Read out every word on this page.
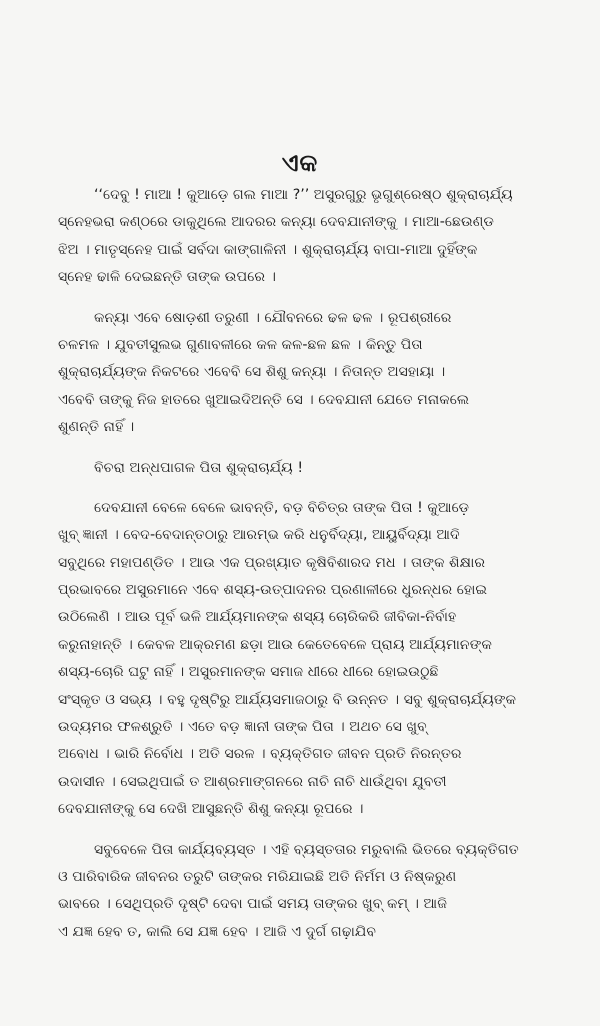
ଏକ
‘‘ଦେବୁ ! ମାଆ ! କୁଆଡ଼େ ଗଲ ମାଆ ?’’ ଅସୁରଗୁରୁ ଭୃଗୁଶ୍ରେଷ୍ଠ ଶୁକ୍ରାଚାର୍ଯ୍ୟ
ସ୍ନେହଭରା କଣ୍ଠରେ ଡାକୁଥିଲେ ଆଦରର କନ୍ୟା ଦେବଯାନୀଙ୍କୁ । ମାଆ-ଛେଉଣ୍ଡ
ଝିଅ । ମାତୃସ୍ନେହ ପାଇଁ ସର୍ବଦା କାଙ୍ଗାଳିନୀ । ଶୁକ୍ରାଚାର୍ଯ୍ୟ ବାପା-ମାଆ ଦୁହିଁଙ୍କ
ସ୍ନେହ ଢାଳି ଦେଇଛନ୍ତି ତାଙ୍କ ଉପରେ ।
କନ୍ୟା ଏବେ ଷୋଡ଼ଶୀ ତରୁଣୀ । ଯୌବନରେ ଢଳ ଢଳ । ରୂପଶ୍ରୀରେ
ଚଳମଳ । ଯୁବତୀସୁଲଭ ଗୁଣାବଳୀରେ କଳ କଳ-ଛଳ ଛଳ । କିନ୍ତୁ ପିତା
ଶୁକ୍ରାଚାର୍ଯ୍ୟଙ୍କ ନିକଟରେ ଏବେବି ସେ ଶିଶୁ କନ୍ୟା । ନିତାନ୍ତ ଅସହାୟା ।
ଏବେବି ତାଙ୍କୁ ନିଜ ହାତରେ ଖୁଆଇଦିଅନ୍ତି ସେ । ଦେବଯାନୀ ଯେତେ ମନାକଲେ
ଶୁଣନ୍ତି ନାହିଁ ।
ବିଚରା ଅନ୍ଧପାଗଳ ପିତା ଶୁକ୍ରାଚାର୍ଯ୍ୟ !
ଦେବଯାନୀ ବେଳେ ବେଳେ ଭାବନ୍ତି, ବଡ଼ ବିଚିତ୍ର ତାଙ୍କ ପିତା ! କୁଆଡ଼େ
ଖୁବ୍ ଜ୍ଞାନୀ । ବେଦ-ବେଦାନ୍ତଠାରୁ ଆରମ୍ଭ କରି ଧନୁର୍ବିଦ୍ୟା, ଆୟୁର୍ବିଦ୍ୟା ଆଦି
ସବୁଥିରେ ମହାପଣ୍ଡିତ । ଆଉ ଏକ ପ୍ରଖ୍ୟାତ କୃଷିବିଶାରଦ ମଧ । ତାଙ୍କ ଶିକ୍ଷାର
ପ୍ରଭାବରେ ଅସୁରମାନେ ଏବେ ଶସ୍ୟ-ଉତ୍ପାଦନର ପ୍ରଣାଳୀରେ ଧୁରନ୍ଧର ହୋଇ
ଉଠିଲେଣି । ଆଉ ପୂର୍ବ ଭଳି ଆର୍ଯ୍ୟମାନଙ୍କ ଶସ୍ୟ ଚୋରିକରି ଜୀବିକା-ନିର୍ବାହ
କରୁନାହାନ୍ତି । କେବଳ ଆକ୍ରମଣ ଛଡ଼ା ଆଉ କେତେବେଳେ ପ୍ରାୟ ଆର୍ଯ୍ୟମାନଙ୍କ
ଶସ୍ୟ-ଚୋରି ଘଟୁ ନାହିଁ । ଅସୁରମାନଙ୍କ ସମାଜ ଧୀରେ ଧୀରେ ହୋଇଉଠୁଛି
ସଂସ୍କୃତ ଓ ସଭ୍ୟ । ବହୁ ଦୃଷ୍ଟିରୁ ଆର୍ଯ୍ୟସମାଜଠାରୁ ବି ଉନ୍ନତ । ସବୁ ଶୁକ୍ରାଚାର୍ଯ୍ୟଙ୍କ
ଉଦ୍ୟମର ଫଳଶ୍ରୁତି । ଏତେ ବଡ଼ ଜ୍ଞାନୀ ତାଙ୍କ ପିତା । ଅଥଚ ସେ ଖୁବ୍
ଅବୋଧ । ଭାରି ନିର୍ବୋଧ । ଅତି ସରଳ । ବ୍ୟକ୍ତିଗତ ଜୀବନ ପ୍ରତି ନିରନ୍ତର
ଉଦାସୀନ । ସେଇଥିପାଇଁ ତ ଆଶ୍ରମାଙ୍ଗନରେ ନାଚି ନାଚି ଧାଉଁଥିବା ଯୁବତୀ
ଦେବଯାନୀଙ୍କୁ ସେ ଦେଖି ଆସୁଛନ୍ତି ଶିଶୁ କନ୍ୟା ରୂପରେ ।
ସବୁବେଳେ ପିତା କାର୍ଯ୍ୟବ୍ୟସ୍ତ । ଏହି ବ୍ୟସ୍ତତାର ମରୁବାଲି ଭିତରେ ବ୍ୟକ୍ତିଗତ
ଓ ପାରିବାରିକ ଜୀବନର ତରୁଟି ତାଙ୍କର ମରିଯାଇଛି ଅତି ନିର୍ମମ ଓ ନିଷ୍କରୁଣ
ଭାବରେ । ସେଥିପ୍ରତି ଦୃଷ୍ଟି ଦେବା ପାଇଁ ସମୟ ତାଙ୍କର ଖୁବ୍ କମ୍ । ଆଜି
ଏ ଯଜ୍ଞ ହେବ ତ, କାଲି ସେ ଯଜ୍ଞ ହେବ । ଆଜି ଏ ଦୁର୍ଗ ଗଢ଼ାଯିବ
